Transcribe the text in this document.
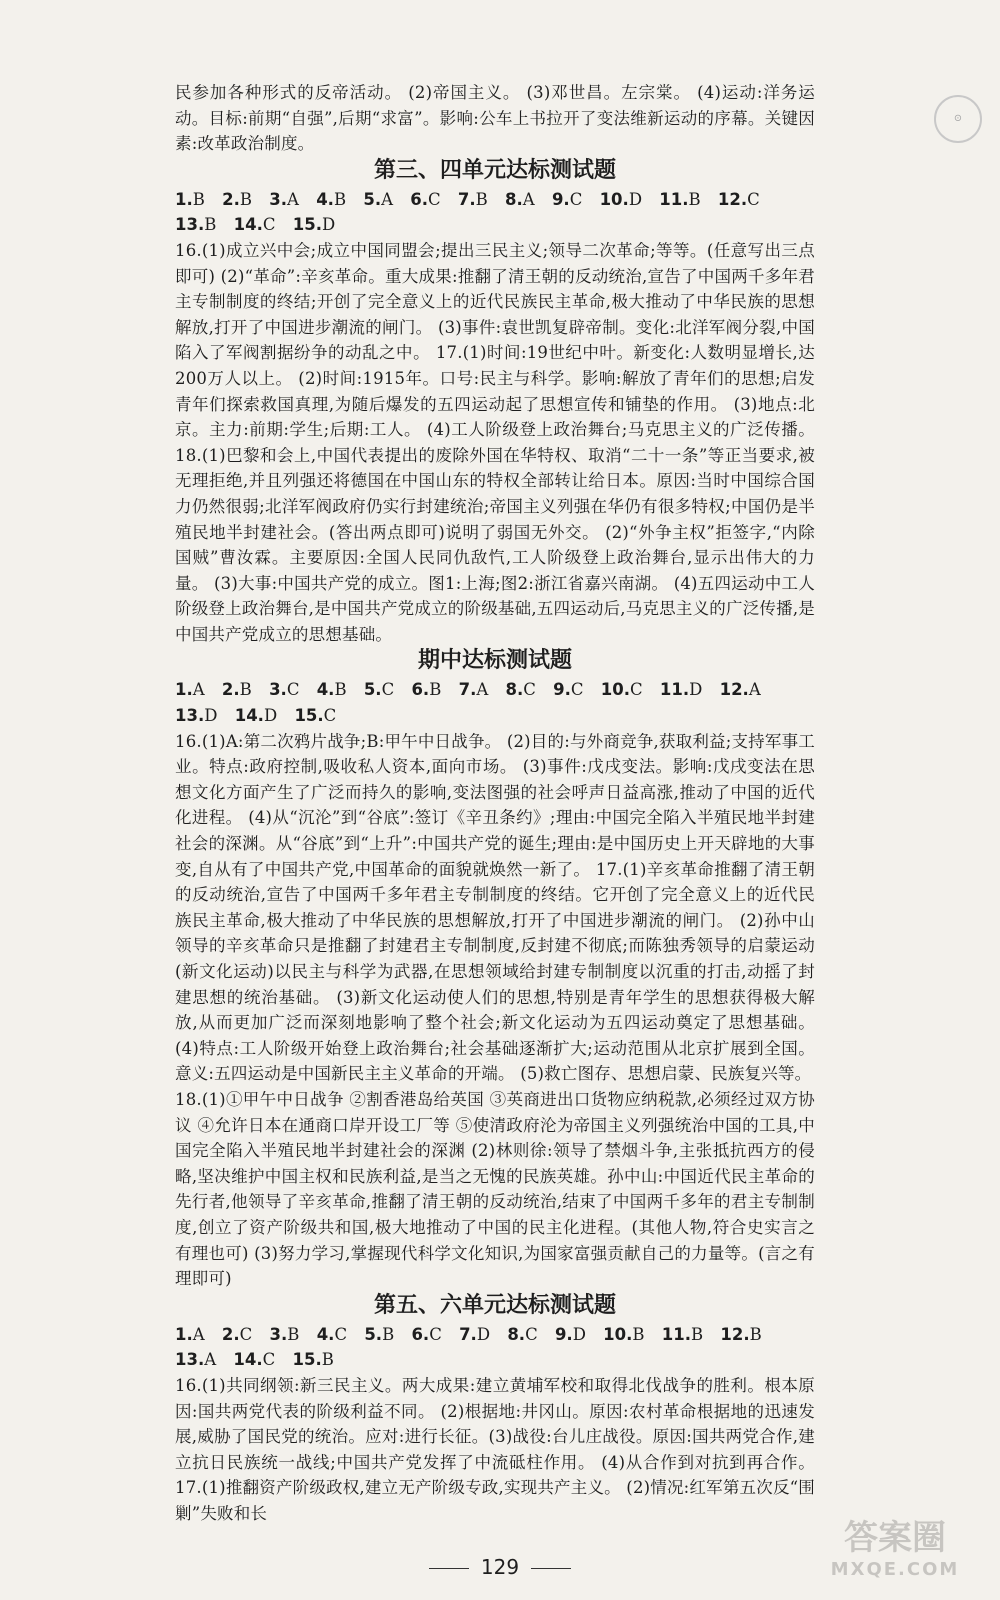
⊙

民参加各种形式的反帝活动。 (2)帝国主义。 (3)邓世昌。左宗棠。 (4)运动:洋务运动。目标:前期“自强”,后期“求富”。影响:公车上书拉开了变法维新运动的序幕。关键因素:改革政治制度。

第三、四单元达标测试题

1.B 2.B 3.A 4.B 5.A 6.C 7.B 8.A 9.C 10.D 11.B 12.C 13.B 14.C 15.D

16.(1)成立兴中会;成立中国同盟会;提出三民主义;领导二次革命;等等。(任意写出三点即可) (2)“革命”:辛亥革命。重大成果:推翻了清王朝的反动统治,宣告了中国两千多年君主专制制度的终结;开创了完全意义上的近代民族民主革命,极大推动了中华民族的思想解放,打开了中国进步潮流的闸门。 (3)事件:袁世凯复辟帝制。变化:北洋军阀分裂,中国陷入了军阀割据纷争的动乱之中。 17.(1)时间:19世纪中叶。新变化:人数明显增长,达200万人以上。 (2)时间:1915年。口号:民主与科学。影响:解放了青年们的思想;启发青年们探索救国真理,为随后爆发的五四运动起了思想宣传和铺垫的作用。 (3)地点:北京。主力:前期:学生;后期:工人。 (4)工人阶级登上政治舞台;马克思主义的广泛传播。 18.(1)巴黎和会上,中国代表提出的废除外国在华特权、取消“二十一条”等正当要求,被无理拒绝,并且列强还将德国在中国山东的特权全部转让给日本。原因:当时中国综合国力仍然很弱;北洋军阀政府仍实行封建统治;帝国主义列强在华仍有很多特权;中国仍是半殖民地半封建社会。(答出两点即可)说明了弱国无外交。 (2)“外争主权”拒签字,“内除国贼”曹汝霖。主要原因:全国人民同仇敌忾,工人阶级登上政治舞台,显示出伟大的力量。 (3)大事:中国共产党的成立。图1:上海;图2:浙江省嘉兴南湖。 (4)五四运动中工人阶级登上政治舞台,是中国共产党成立的阶级基础,五四运动后,马克思主义的广泛传播,是中国共产党成立的思想基础。

期中达标测试题

1.A 2.B 3.C 4.B 5.C 6.B 7.A 8.C 9.C 10.C 11.D 12.A 13.D 14.D 15.C

16.(1)A:第二次鸦片战争;B:甲午中日战争。 (2)目的:与外商竞争,获取利益;支持军事工业。特点:政府控制,吸收私人资本,面向市场。 (3)事件:戊戌变法。影响:戊戌变法在思想文化方面产生了广泛而持久的影响,变法图强的社会呼声日益高涨,推动了中国的近代化进程。 (4)从“沉沦”到“谷底”:签订《辛丑条约》;理由:中国完全陷入半殖民地半封建社会的深渊。从“谷底”到“上升”:中国共产党的诞生;理由:是中国历史上开天辟地的大事变,自从有了中国共产党,中国革命的面貌就焕然一新了。 17.(1)辛亥革命推翻了清王朝的反动统治,宣告了中国两千多年君主专制制度的终结。它开创了完全意义上的近代民族民主革命,极大推动了中华民族的思想解放,打开了中国进步潮流的闸门。 (2)孙中山领导的辛亥革命只是推翻了封建君主专制制度,反封建不彻底;而陈独秀领导的启蒙运动(新文化运动)以民主与科学为武器,在思想领域给封建专制制度以沉重的打击,动摇了封建思想的统治基础。 (3)新文化运动使人们的思想,特别是青年学生的思想获得极大解放,从而更加广泛而深刻地影响了整个社会;新文化运动为五四运动奠定了思想基础。 (4)特点:工人阶级开始登上政治舞台;社会基础逐渐扩大;运动范围从北京扩展到全国。意义:五四运动是中国新民主主义革命的开端。 (5)救亡图存、思想启蒙、民族复兴等。

18.(1)①甲午中日战争 ②割香港岛给英国 ③英商进出口货物应纳税款,必须经过双方协议 ④允许日本在通商口岸开设工厂等 ⑤使清政府沦为帝国主义列强统治中国的工具,中国完全陷入半殖民地半封建社会的深渊 (2)林则徐:领导了禁烟斗争,主张抵抗西方的侵略,坚决维护中国主权和民族利益,是当之无愧的民族英雄。孙中山:中国近代民主革命的先行者,他领导了辛亥革命,推翻了清王朝的反动统治,结束了中国两千多年的君主专制制度,创立了资产阶级共和国,极大地推动了中国的民主化进程。(其他人物,符合史实言之有理也可) (3)努力学习,掌握现代科学文化知识,为国家富强贡献自己的力量等。(言之有理即可)

第五、六单元达标测试题

1.A 2.C 3.B 4.C 5.B 6.C 7.D 8.C 9.D 10.B 11.B 12.B 13.A 14.C 15.B

16.(1)共同纲领:新三民主义。两大成果:建立黄埔军校和取得北伐战争的胜利。根本原因:国共两党代表的阶级利益不同。 (2)根据地:井冈山。原因:农村革命根据地的迅速发展,威胁了国民党的统治。应对:进行长征。(3)战役:台儿庄战役。原因:国共两党合作,建立抗日民族统一战线;中国共产党发挥了中流砥柱作用。 (4)从合作到对抗到再合作。 17.(1)推翻资产阶级政权,建立无产阶级专政,实现共产主义。 (2)情况:红军第五次反“围剿”失败和长

129
答案圈
MXQE.COM
